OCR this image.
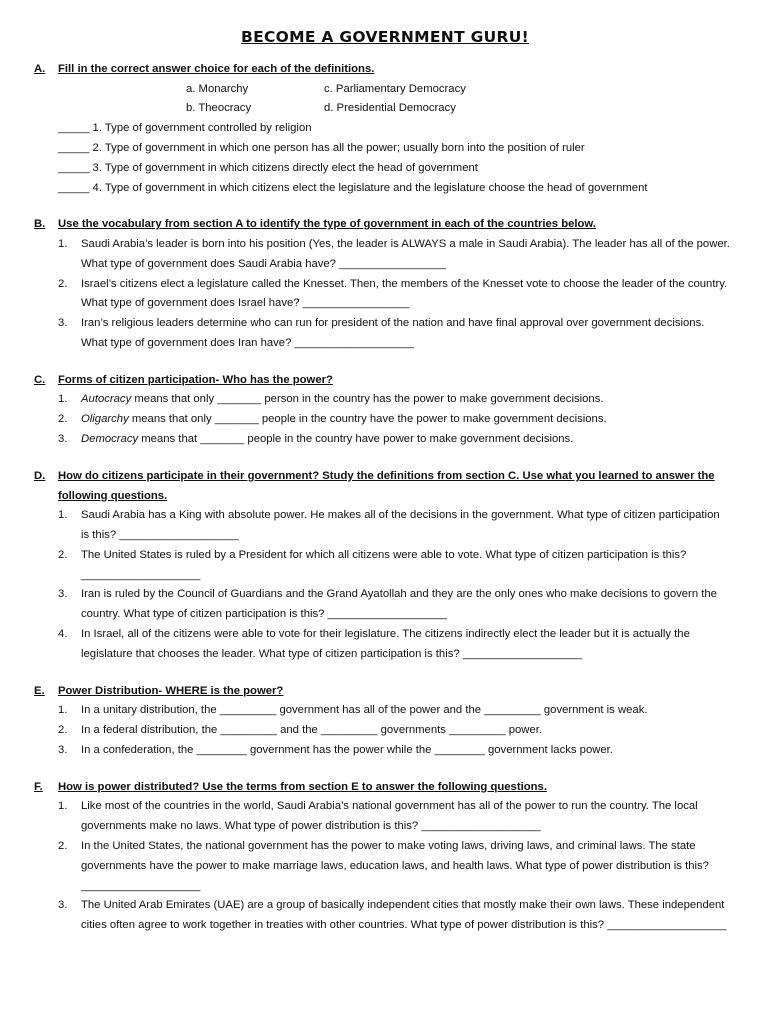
BECOME A GOVERNMENT GURU!
A.	Fill in the correct answer choice for each of the definitions.
a. Monarchy	c. Parliamentary Democracy
b. Theocracy	d. Presidential Democracy
_____ 1. Type of government controlled by religion
_____ 2. Type of government in which one person has all the power; usually born into the position of ruler
_____ 3. Type of government in which citizens directly elect the head of government
_____ 4. Type of government in which citizens elect the legislature and the legislature choose the head of government
B.	Use the vocabulary from section A to identify the type of government in each of the countries below.
1.	Saudi Arabia’s leader is born into his position (Yes, the leader is ALWAYS a male in Saudi Arabia). The leader has all of the power. What type of government does Saudi Arabia have? _________________
2.	Israel’s citizens elect a legislature called the Knesset. Then, the members of the Knesset vote to choose the leader of the country. What type of government does Israel have? _________________
3.	Iran’s religious leaders determine who can run for president of the nation and have final approval over government decisions. What type of government does Iran have? ___________________
C.	Forms of citizen participation- Who has the power?
1.	Autocracy means that only _______ person in the country has the power to make government decisions.
2.	Oligarchy means that only _______ people in the country have the power to make government decisions.
3.	Democracy means that _______ people in the country have power to make government decisions.
D.	How do citizens participate in their government? Study the definitions from section C. Use what you learned to answer the following questions.
1.	Saudi Arabia has a King with absolute power. He makes all of the decisions in the government. What type of citizen participation is this? ___________________
2.	The United States is ruled by a President for which all citizens were able to vote. What type of citizen participation is this? ___________________
3.	Iran is ruled by the Council of Guardians and the Grand Ayatollah and they are the only ones who make decisions to govern the country. What type of citizen participation is this? ___________________
4.	In Israel, all of the citizens were able to vote for their legislature. The citizens indirectly elect the leader but it is actually the legislature that chooses the leader. What type of citizen participation is this? ___________________
E.	Power Distribution- WHERE is the power?
1.	In a unitary distribution, the _________ government has all of the power and the _________ government is weak.
2.	In a federal distribution, the _________ and the _________ governments _________ power.
3.	In a confederation, the ________ government has the power while the ________ government lacks power.
F.	How is power distributed? Use the terms from section E to answer the following questions.
1.	Like most of the countries in the world, Saudi Arabia’s national government has all of the power to run the country. The local governments make no laws. What type of power distribution is this? ___________________
2.	In the United States, the national government has the power to make voting laws, driving laws, and criminal laws. The state governments have the power to make marriage laws, education laws, and health laws. What type of power distribution is this? ___________________
3.	The United Arab Emirates (UAE) are a group of basically independent cities that mostly make their own laws. These independent cities often agree to work together in treaties with other countries. What type of power distribution is this? ___________________
